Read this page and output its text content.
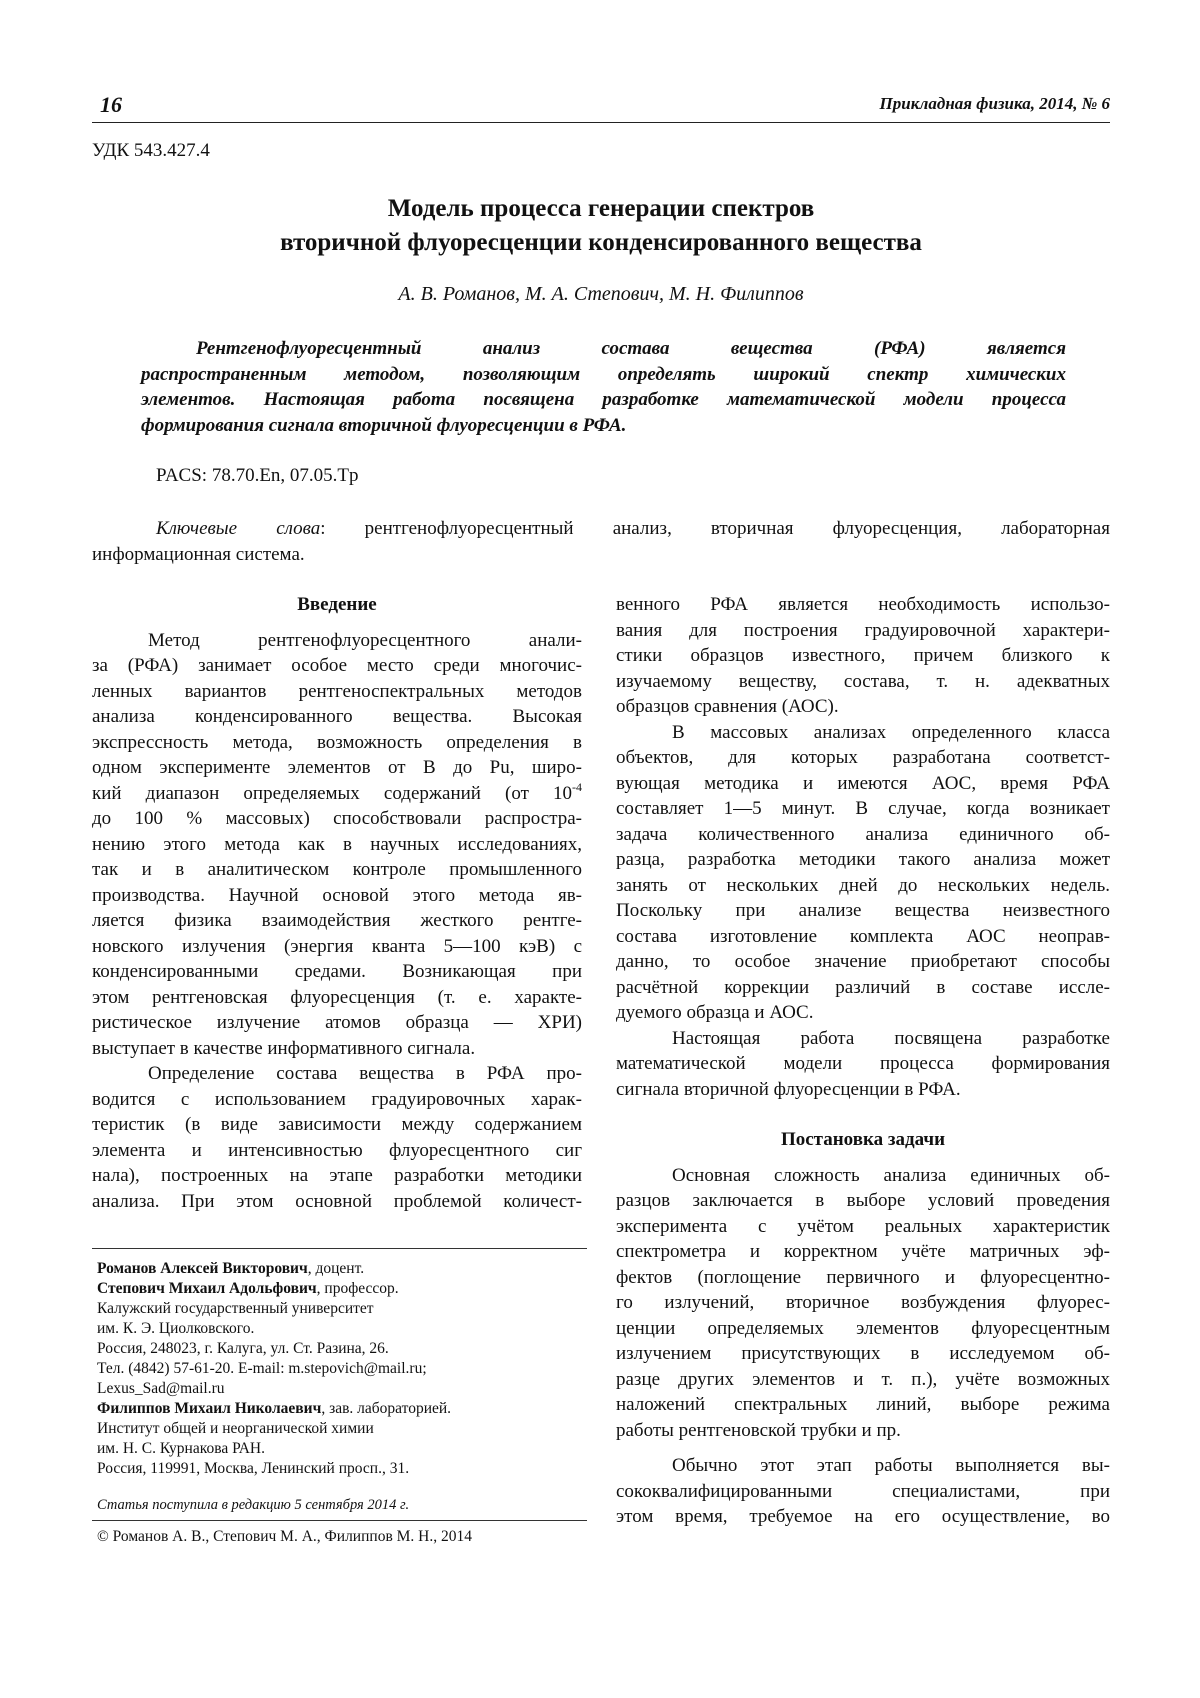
16	Прикладная физика, 2014, № 6
УДК 543.427.4
Модель процесса генерации спектров
вторичной флуоресценции конденсированного вещества
А. В. Романов, М. А. Степович, М. Н. Филиппов
Рентгенофлуоресцентный анализ состава вещества (РФА) является
распространенным методом, позволяющим определять широкий спектр химических
элементов. Настоящая работа посвящена разработке математической модели процесса
формирования сигнала вторичной флуоресценции в РФА.
PACS: 78.70.En, 07.05.Tp
Ключевые слова: рентгенофлуоресцентный анализ, вторичная флуоресценция, лабораторная
информационная система.
Введение
Метод рентгенофлуоресцентного анали-
за (РФА) занимает особое место среди многочис-
ленных вариантов рентгеноспектральных методов
анализа конденсированного вещества. Высокая
экспрессность метода, возможность определения в
одном эксперименте элементов от B до Pu, широ-
кий диапазон определяемых содержаний (от $10^{-4}$
до 100 % массовых) способствовали распростра-
нению этого метода как в научных исследованиях,
так и в аналитическом контроле промышленного
производства. Научной основой этого метода яв-
ляется физика взаимодействия жесткого рентге-
новского излучения (энергия кванта 5—100 кэВ) с
конденсированными средами. Возникающая при
этом рентгеновская флуоресценция (т. е. характе-
ристическое излучение атомов образца — ХРИ)
выступает в качестве информативного сигнала.
Определение состава вещества в РФА про-
водится с использованием градуировочных харак-
теристик (в виде зависимости между содержанием
элемента и интенсивностью флуоресцентного сиг
нала), построенных на этапе разработки методики
анализа. При этом основной проблемой количест-
венного РФА является необходимость использо-
вания для построения градуировочной характери-
стики образцов известного, причем близкого к
изучаемому веществу, состава, т. н. адекватных
образцов сравнения (АОС).
В массовых анализах определенного класса
объектов, для которых разработана соответст-
вующая методика и имеются АОС, время РФА
составляет 1—5 минут. В случае, когда возникает
задача количественного анализа единичного об-
разца, разработка методики такого анализа может
занять от нескольких дней до нескольких недель.
Поскольку при анализе вещества неизвестного
состава изготовление комплекта АОС неоправ-
данно, то особое значение приобретают способы
расчётной коррекции различий в составе иссле-
дуемого образца и АОС.
Настоящая работа посвящена разработке
математической модели процесса формирования
сигнала вторичной флуоресценции в РФА.
Постановка задачи
Основная сложность анализа единичных об-
разцов заключается в выборе условий проведения
эксперимента с учётом реальных характеристик
спектрометра и корректном учёте матричных эф-
фектов (поглощение первичного и флуоресцентно-
го излучений, вторичное возбуждения флуорес-
ценции определяемых элементов флуоресцентным
излучением присутствующих в исследуемом об-
разце других элементов и т. п.), учёте возможных
наложений спектральных линий, выборе режима
работы рентгеновской трубки и пр.
Обычно этот этап работы выполняется вы-
сококвалифицированными специалистами, при
этом время, требуемое на его осуществление, во
Романов Алексей Викторович, доцент.
Степович Михаил Адольфович, профессор.
Калужский государственный университет
им. К. Э. Циолковского.
Россия, 248023, г. Калуга, ул. Ст. Разина, 26.
Тел. (4842) 57-61-20. E-mail: m.stepovich@mail.ru;
Lexus_Sad@mail.ru
Филиппов Михаил Николаевич, зав. лабораторией.
Институт общей и неорганической химии
им. Н. С. Курнакова РАН.
Россия, 119991, Москва, Ленинский просп., 31.
Статья поступила в редакцию 5 сентября 2014 г.
© Романов А. В., Степович М. А., Филиппов М. Н., 2014
